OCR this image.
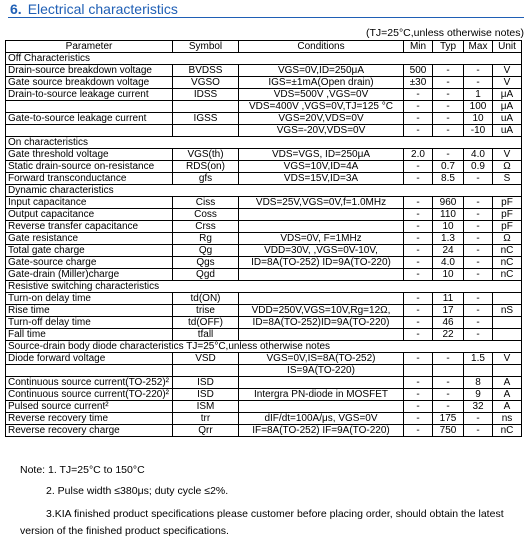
6. Electrical characteristics
(TJ=25°C,unless otherwise notes)
Parameter	Symbol	Conditions	Min	Typ	Max	Unit
Off Characteristics						
Drain-source breakdown voltage	BVDSS	VGS=0V,ID=250μA	500	-	-	V
Gate source breakdown voltage	VGSO	IGS=±1mA(Open drain)	±30	-	-	V
Drain-to-source leakage current	IDSS	VDS=500V ,VGS=0V	-	-	1	μA
		VDS=400V ,VGS=0V,TJ=125 °C	-	-	100	μA
Gate-to-source leakage current	IGSS	VGS=20V,VDS=0V	-	-	10	uA
		VGS=-20V,VDS=0V	-	-	-10	uA
On characteristics						
Gate threshold voltage	VGS(th)	VDS=VGS, ID=250μA	2.0	-	4.0	V
Static drain-source on-resistance	RDS(on)	VGS=10V,ID=4A	-	0.7	0.9	Ω
Forward transconductance	gfs	VDS=15V,ID=3A	-	8.5	-	S
Dynamic characteristics						
Input capacitance	Ciss	VDS=25V,VGS=0V,f=1.0MHz	-	960	-	pF
Output capacitance	Coss		-	110	-	pF
Reverse transfer capacitance	Crss		-	10	-	pF
Gate resistance	Rg	VDS=0V, F=1MHz	-	1.3	-	Ω
Total gate charge	Qg	VDD=30V, ,VGS=0V-10V,	-	24	-	nC
Gate-source charge	Qgs	ID=8A(TO-252) ID=9A(TO-220)	-	4.0	-	nC
Gate-drain (Miller)charge	Qgd		-	10	-	nC
Resistive switching characteristics						
Turn-on delay time	td(ON)		-	11	-	
Rise time	trise	VDD=250V,VGS=10V,Rg=12Ω,	-	17	-	nS
Turn-off delay time	td(OFF)	ID=8A(TO-252)ID=9A(TO-220)	-	46	-	
Fall time	tfall		-	22	-	
Source-drain body diode characteristics TJ=25°C,unless otherwise notes						
Diode forward voltage	VSD	VGS=0V,IS=8A(TO-252)	-	-	1.5	V
		IS=9A(TO-220)				
Continuous source current(TO-252)²	ISD		-	-	8	A
Continuous source current(TO-220)²	ISD	Intergra PN-diode in MOSFET	-	-	9	A
Pulsed source current²	ISM		-	-	32	A
Reverse recovery time	trr	dIF/dt=100A/μs, VGS=0V	-	175	-	ns
Reverse recovery charge	Qrr	IF=8A(TO-252) IF=9A(TO-220)	-	750	-	nC
Note: 1. TJ=25°C to 150°C
2. Pulse width ≤380μs; duty cycle ≤2%.
3.KIA finished product specifications please customer before placing order, should obtain the latest
version of the finished product specifications.
